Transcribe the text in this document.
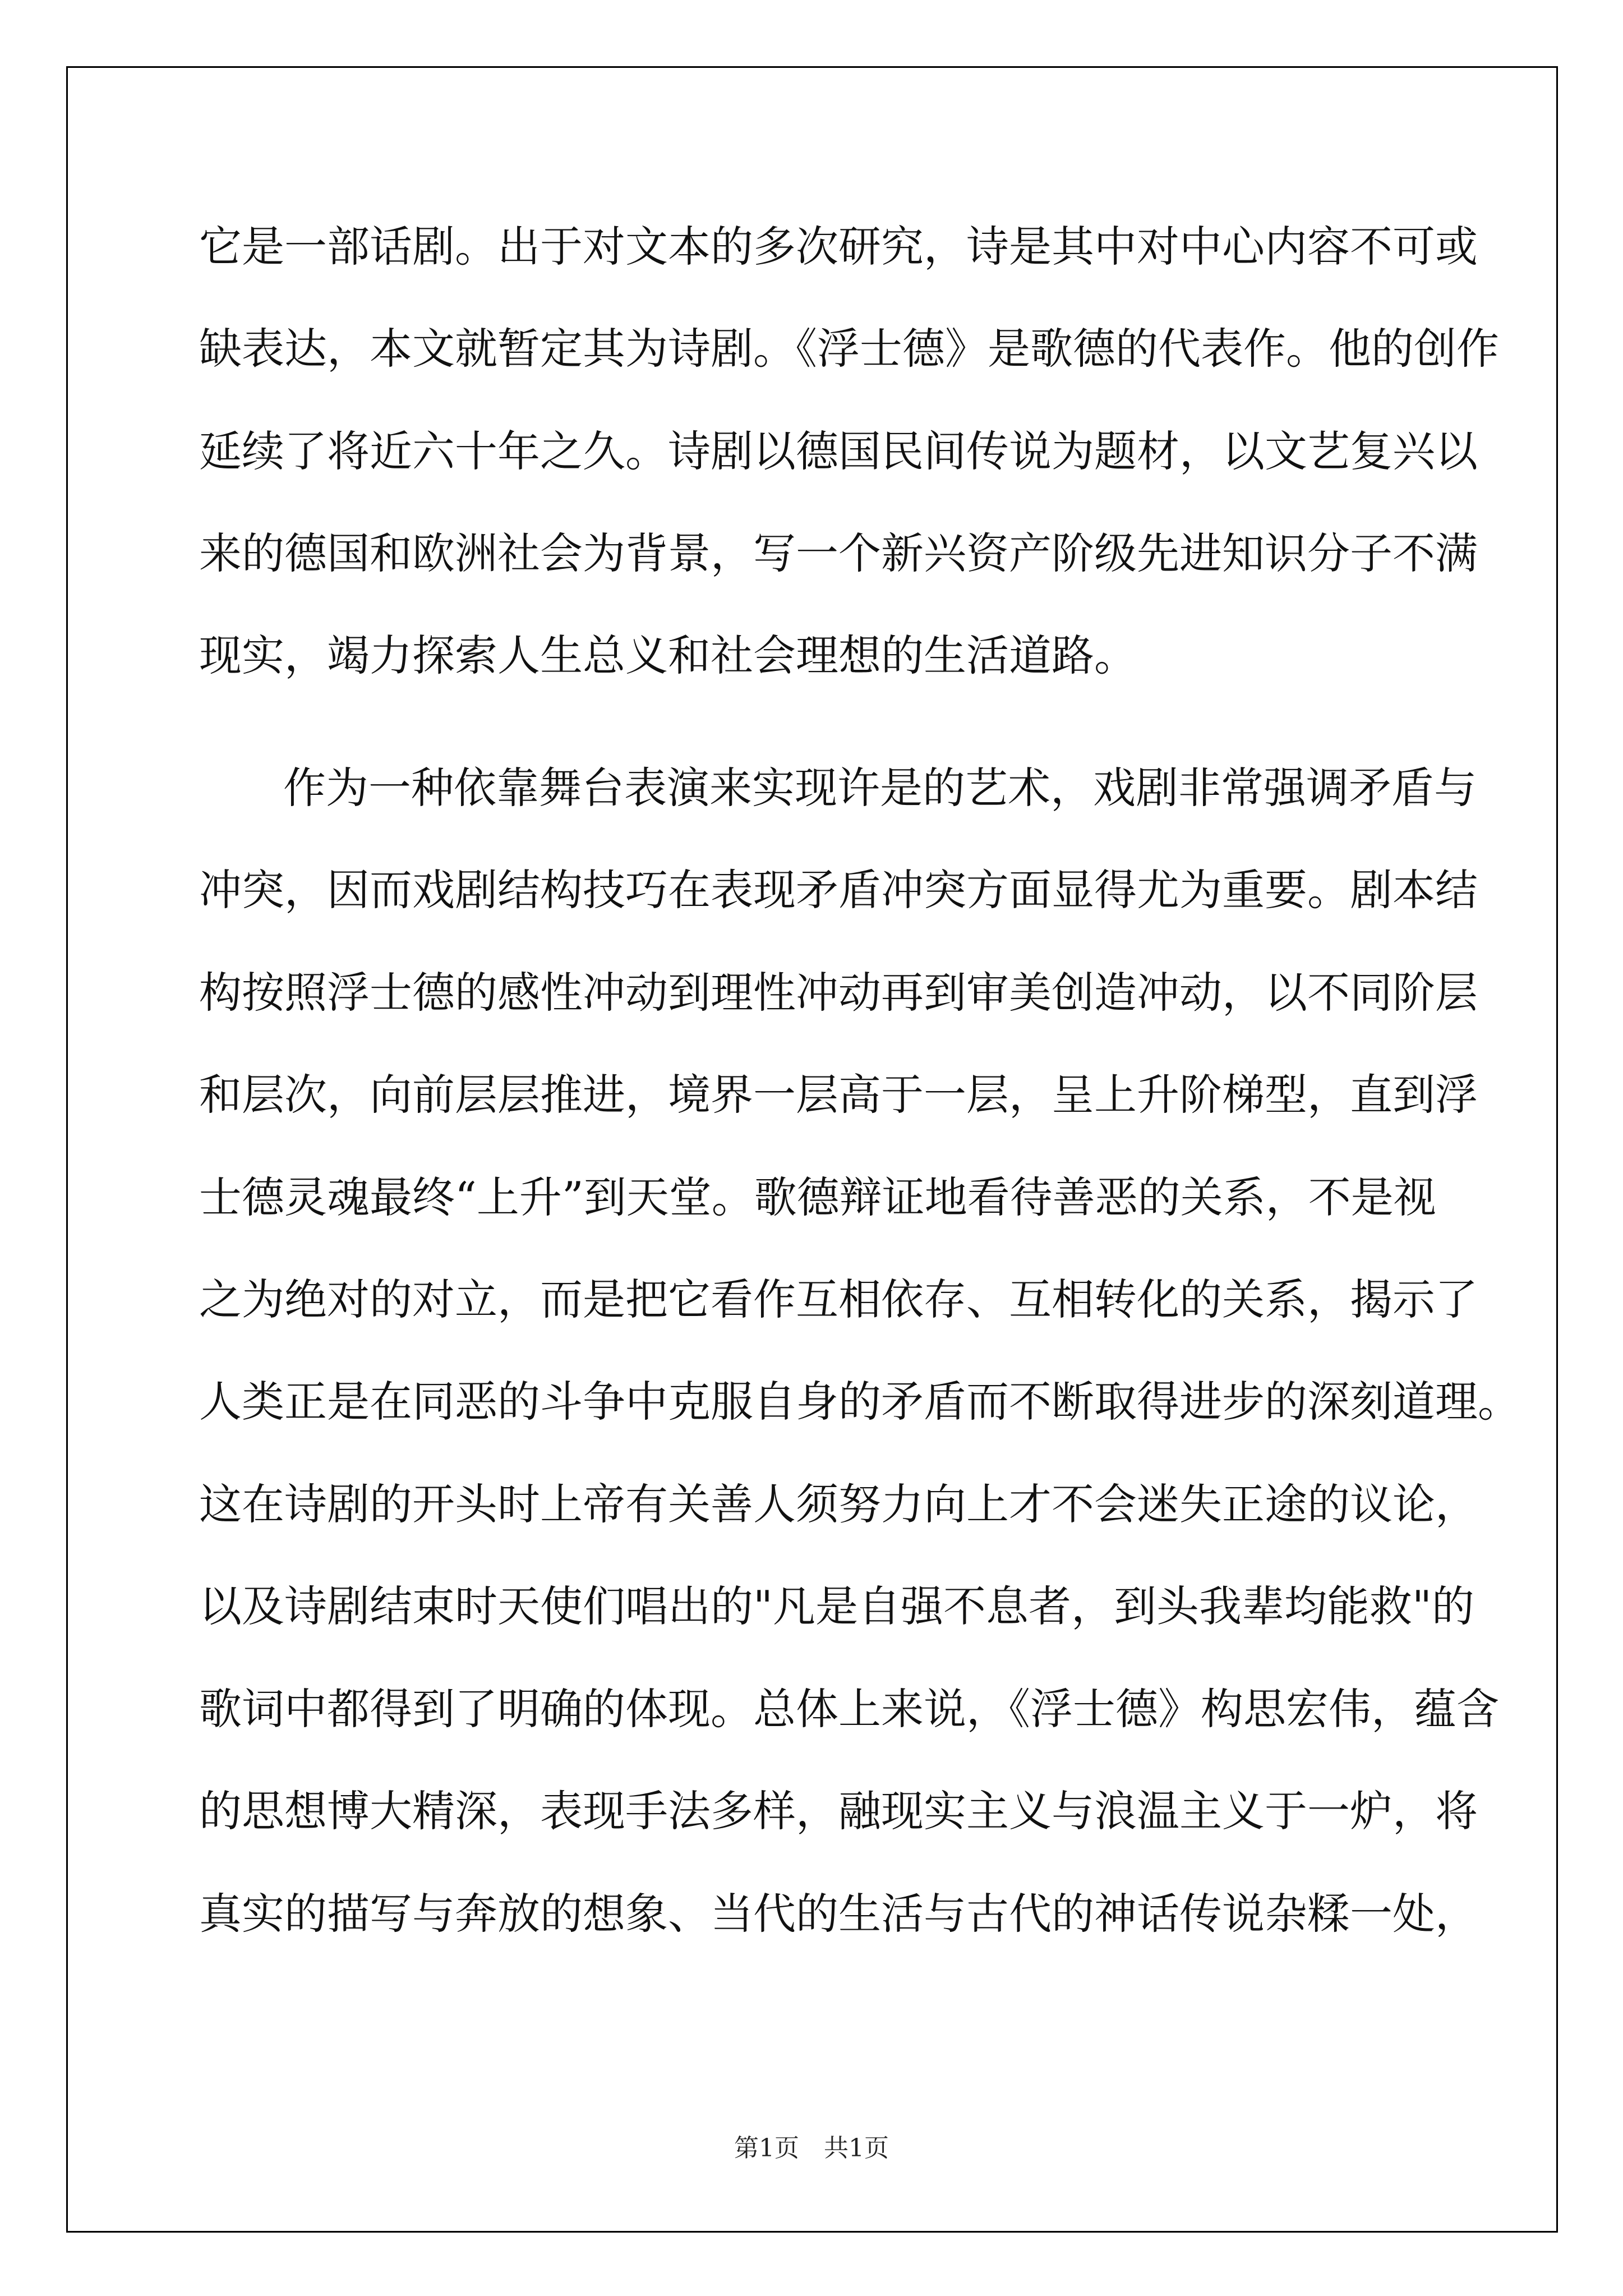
它是一部话剧。出于对文本的多次研究，诗是其中对中心内容不可或
缺表达，本文就暂定其为诗剧。《浮士德》是歌德的代表作。他的创作
延续了将近六十年之久。诗剧以德国民间传说为题材，以文艺复兴以
来的德国和欧洲社会为背景，写一个新兴资产阶级先进知识分子不满
现实，竭力探索人生总义和社会理想的生活道路。
作为一种依靠舞台表演来实现许是的艺术，戏剧非常强调矛盾与
冲突，因而戏剧结构技巧在表现矛盾冲突方面显得尤为重要。剧本结
构按照浮士德的感性冲动到理性冲动再到审美创造冲动，以不同阶层
和层次，向前层层推进，境界一层高于一层，呈上升阶梯型，直到浮
士德灵魂最终“上升”到天堂。歌德辩证地看待善恶的关系，不是视
之为绝对的对立，而是把它看作互相依存、互相转化的关系，揭示了
人类正是在同恶的斗争中克服自身的矛盾而不断取得进步的深刻道理。
这在诗剧的开头时上帝有关善人须努力向上才不会迷失正途的议论，
以及诗剧结束时天使们唱出的"凡是自强不息者，到头我辈均能救"的
歌词中都得到了明确的体现。总体上来说，《浮士德》构思宏伟，蕴含
的思想博大精深，表现手法多样，融现实主义与浪温主义于一炉，将
真实的描写与奔放的想象、当代的生活与古代的神话传说杂糅一处，
第1页　共1页
